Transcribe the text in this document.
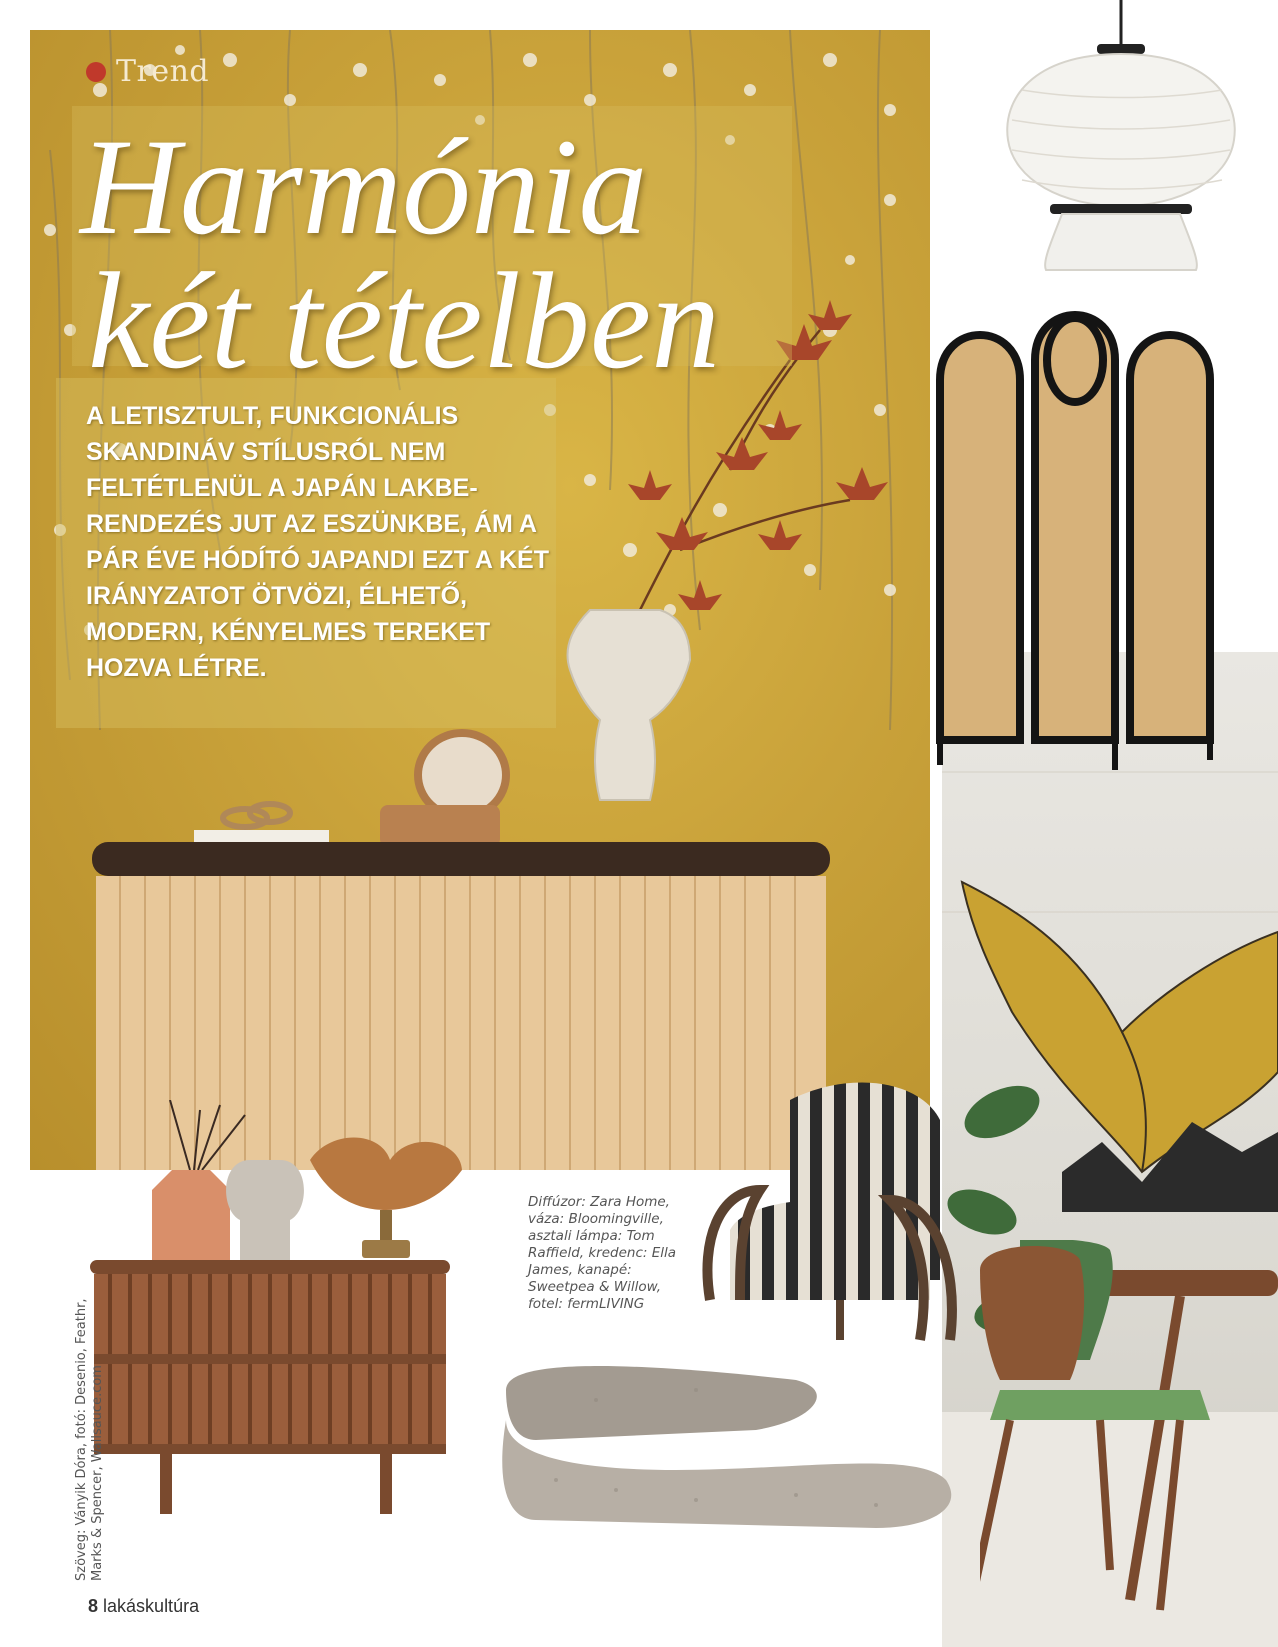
Trend
Harmónia
két tételben
A LETISZTULT, FUNKCIONÁLIS SKANDINÁV STÍLUSRÓL NEM FELTÉTLENÜL A JAPÁN LAKBE-RENDEZÉS JUT AZ ESZÜNKBE, ÁM A PÁR ÉVE HÓDÍTÓ JAPANDI EZT A KÉT IRÁNYZATOT ÖTVÖZI, ÉLHETŐ, MODERN, KÉNYELMES TEREKET HOZVA LÉTRE.
Diffúzor: Zara Home, váza: Bloomingville, asztali lámpa: Tom Raffield, kredenc: Ella James, kanapé: Sweetpea & Willow, fotel: fermLIVING
Szöveg: Ványik Dóra, fotó: Desenio, Feathr, Marks & Spencer, Wallsauce.com
8 lakáskultúra
